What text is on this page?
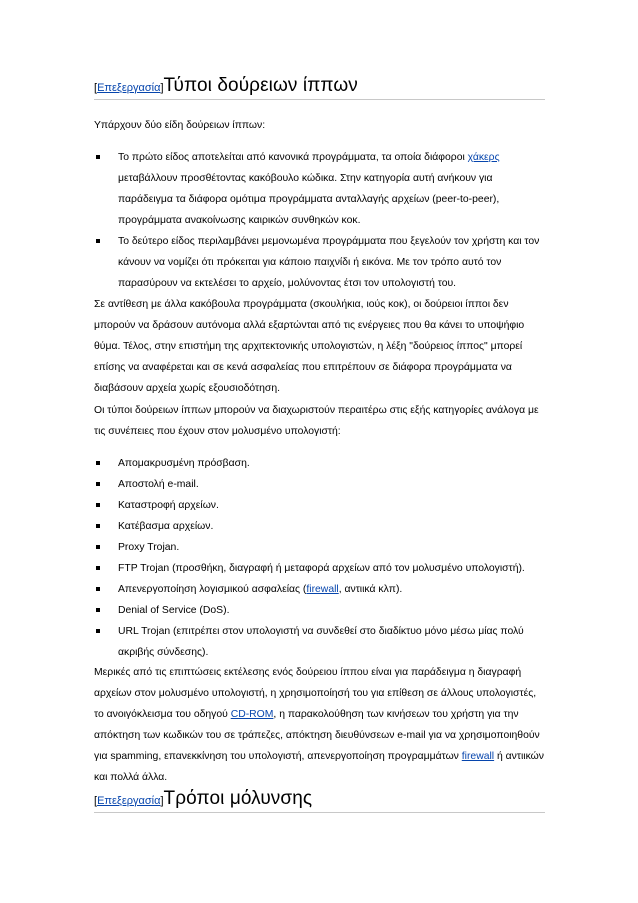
[Επεξεργασία] Τύποι δούρειων ίππων

Υπάρχουν δύο είδη δούρειων ίππων:

Το πρώτο είδος αποτελείται από κανονικά προγράμματα, τα οποία διάφοροι χάκερς μεταβάλλουν προσθέτοντας κακόβουλο κώδικα. Στην κατηγορία αυτή ανήκουν για παράδειγμα τα διάφορα ομότιμα προγράμματα ανταλλαγής αρχείων (peer-to-peer), προγράμματα ανακοίνωσης καιρικών συνθηκών κοκ.
Το δεύτερο είδος περιλαμβάνει μεμονωμένα προγράμματα που ξεγελούν τον χρήστη και τον κάνουν να νομίζει ότι πρόκειται για κάποιο παιχνίδι ή εικόνα. Με τον τρόπο αυτό τον παρασύρουν να εκτελέσει το αρχείο, μολύνοντας έτσι τον υπολογιστή του.

Σε αντίθεση με άλλα κακόβουλα προγράμματα (σκουλήκια, ιούς κοκ), οι δούρειοι ίπποι δεν μπορούν να δράσουν αυτόνομα αλλά εξαρτώνται από τις ενέργειες που θα κάνει το υποψήφιο θύμα. Τέλος, στην επιστήμη της αρχιτεκτονικής υπολογιστών, η λέξη "δούρειος ίππος" μπορεί επίσης να αναφέρεται και σε κενά ασφαλείας που επιτρέπουν σε διάφορα προγράμματα να διαβάσουν αρχεία χωρίς εξουσιοδότηση.

Οι τύποι δούρειων ίππων μπορούν να διαχωριστούν περαιτέρω στις εξής κατηγορίες ανάλογα με τις συνέπειες που έχουν στον μολυσμένο υπολογιστή:

Απομακρυσμένη πρόσβαση.
Αποστολή e-mail.
Καταστροφή αρχείων.
Κατέβασμα αρχείων.
Proxy Trojan.
FTP Trojan (προσθήκη, διαγραφή ή μεταφορά αρχείων από τον μολυσμένο υπολογιστή).
Απενεργοποίηση λογισμικού ασφαλείας (firewall, αντιικά κλπ).
Denial of Service (DoS).
URL Trojan (επιτρέπει στον υπολογιστή να συνδεθεί στο διαδίκτυο μόνο μέσω μίας πολύ ακριβής σύνδεσης).

Μερικές από τις επιπτώσεις εκτέλεσης ενός δούρειου ίππου είναι για παράδειγμα η διαγραφή αρχείων στον μολυσμένο υπολογιστή, η χρησιμοποίησή του για επίθεση σε άλλους υπολογιστές, το ανοιγόκλεισμα του οδηγού CD-ROM, η παρακολούθηση των κινήσεων του χρήστη για την απόκτηση των κωδικών του σε τράπεζες, απόκτηση διευθύνσεων e-mail για να χρησιμοποιηθούν για spamming, επανεκκίνηση του υπολογιστή, απενεργοποίηση προγραμμάτων firewall ή αντιικών και πολλά άλλα.

[Επεξεργασία] Τρόποι μόλυνσης
